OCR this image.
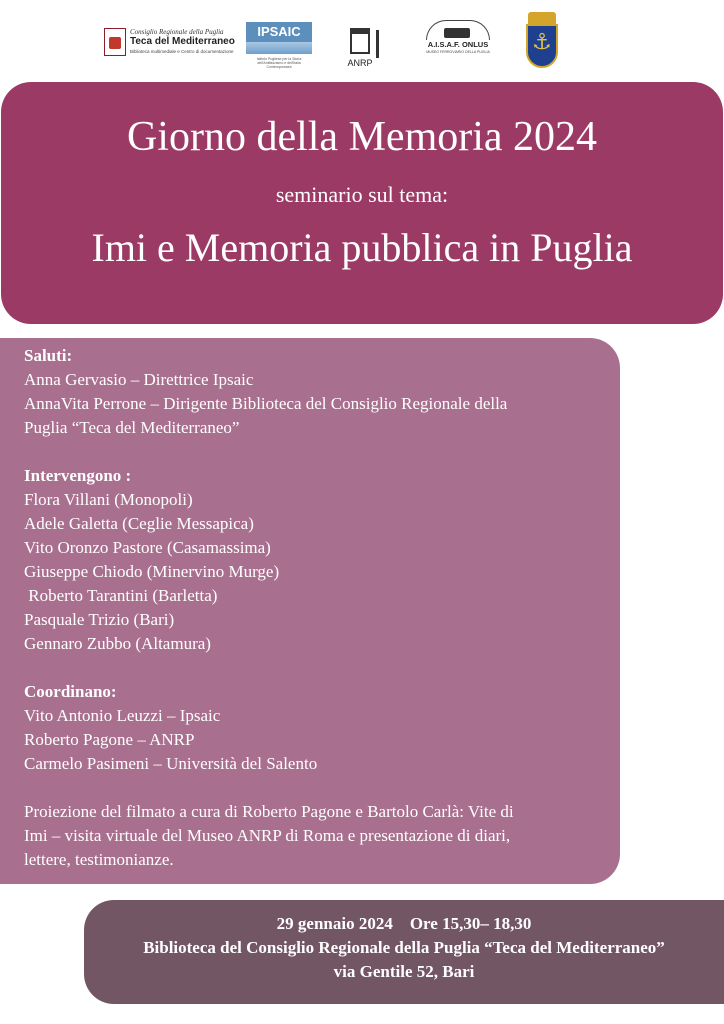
Consiglio Regionale della Puglia
Teca del Mediterraneo
Biblioteca multimediale e Centro di documentazione
IPSAIC
Istituto Pugliese per la Storia dell'Antifascismo e dell'Italia Contemporanea	ANRP
A.I.S.A.F. ONLUS
MUSEO FERROVIARIO DELLA PUGLIA	⚓
Giorno della Memoria 2024
seminario sul tema:
Imi e Memoria pubblica in Puglia
Saluti:
Anna Gervasio – Direttrice Ipsaic
AnnaVita Perrone – Dirigente Biblioteca del Consiglio Regionale della
Puglia “Teca del Mediterraneo”
Intervengono :
Flora Villani (Monopoli)
Adele Galetta (Ceglie Messapica)
Vito Oronzo Pastore (Casamassima)
Giuseppe Chiodo (Minervino Murge)
Roberto Tarantini (Barletta)
Pasquale Trizio (Bari)
Gennaro Zubbo (Altamura)
Coordinano:
Vito Antonio Leuzzi – Ipsaic
Roberto Pagone – ANRP
Carmelo Pasimeni – Università del Salento
Proiezione del filmato a cura di Roberto Pagone e Bartolo Carlà: Vite di
Imi – visita virtuale del Museo ANRP di Roma e presentazione di diari,
lettere, testimonianze.
29 gennaio 2024    Ore 15,30– 18,30
Biblioteca del Consiglio Regionale della Puglia “Teca del Mediterraneo”
via Gentile 52, Bari
